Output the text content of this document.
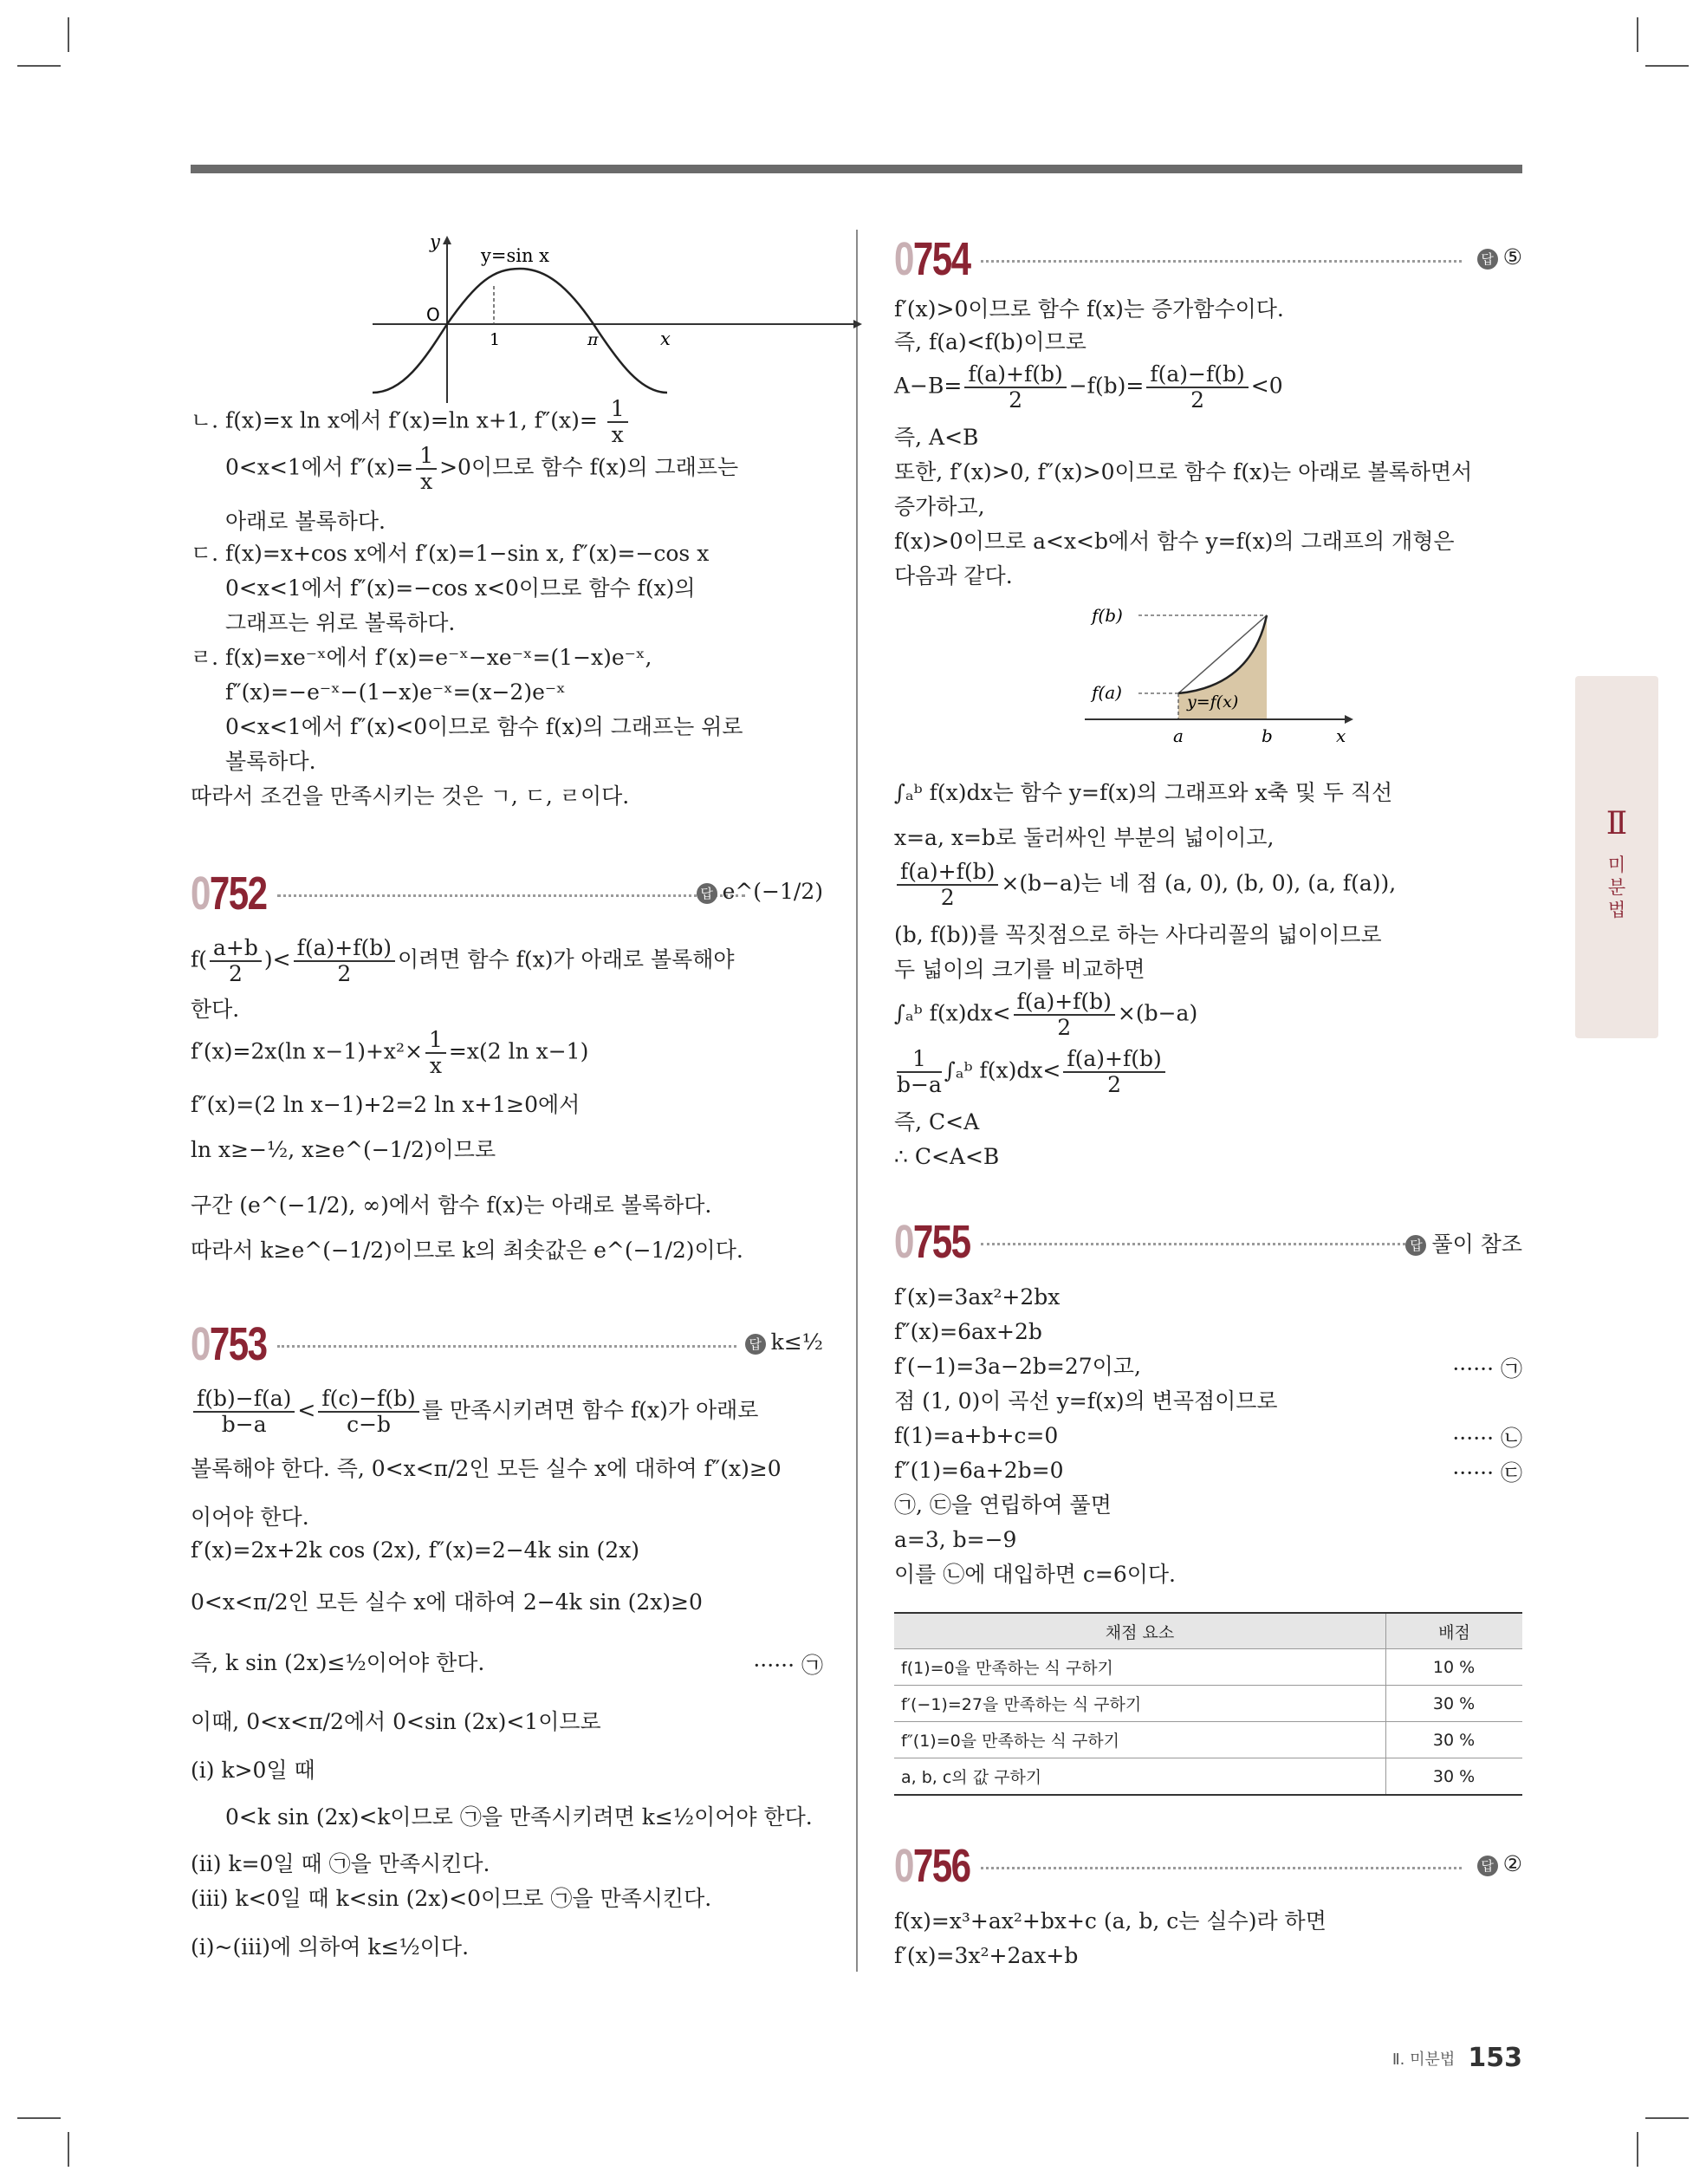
y
y=sin x
O
1	π	x
ㄴ. f(x)=x ln x에서 f′(x)=ln x+1, $f''(x)= \frac{1}{x}$
0<x<1에서 $f''(x)= \frac{1}{x} >0$이므로 함수 f(x)의 그래프는
아래로 볼록하다.
ㄷ. f(x)=x+cos x에서 f′(x)=1−sin x, f″(x)=−cos x
0<x<1에서 f″(x)=−cos x<0이므로 함수 f(x)의
그래프는 위로 볼록하다.
ㄹ. f(x)=xe⁻ˣ에서 f′(x)=e⁻ˣ−xe⁻ˣ=(1−x)e⁻ˣ,
f″(x)=−e⁻ˣ−(1−x)e⁻ˣ=(x−2)e⁻ˣ
0<x<1에서 f″(x)<0이므로 함수 f(x)의 그래프는 위로
볼록하다.
따라서 조건을 만족시키는 것은 ㄱ, ㄷ, ㄹ이다.
0752	답 e^(−1/2)
$f( \frac{a+b}{2}$ )< $\frac{f(a)+f(b)}{2}$ 이려면 함수 f(x)가 아래로 볼록해야
한다.
f′(x)=2x(ln $x-1)+x^2\times \frac{1}{x} =x(2$ ln x−1)
f″(x)=(2 ln x−1)+2=2 ln x+1≥0에서
ln x≥−½, x≥e^(−1/2)이므로
구간 (e^(−1/2), ∞)에서 함수 f(x)는 아래로 볼록하다.
따라서 k≥e^(−1/2)이므로 k의 최솟값은 e^(−1/2)이다.
0753	답 k≤½
$\frac{f(b)-f(a)}{b-a} < \frac{f(c)-f(b)}{c-b}$ 를 만족시키려면 함수 f(x)가 아래로
볼록해야 한다. 즉, 0<x<π/2인 모든 실수 x에 대하여 f″(x)≥0
이어야 한다.
f′(x)=2x+2k cos (2x), f″(x)=2−4k sin (2x)
0<x<π/2인 모든 실수 x에 대하여 2−4k sin (2x)≥0
즉, k sin (2x)≤½이어야 한다.	······ ㉠
이때, 0<x<π/2에서 0<sin (2x)<1이므로
(ⅰ) k>0일 때
0<k sin (2x)<k이므로 ㉠을 만족시키려면 k≤½이어야 한다.
(ⅱ) k=0일 때 ㉠을 만족시킨다.
(ⅲ) k<0일 때 k<sin (2x)<0이므로 ㉠을 만족시킨다.
(ⅰ)~(ⅲ)에 의하여 k≤½이다.
0754	답 ⑤
f′(x)>0이므로 함수 f(x)는 증가함수이다.
즉, f(a)<f(b)이므로
$A-B= \frac{f(a)+f(b)}{2} -f(b)= \frac{f(a)-f(b)}{2} <0$
즉, A<B
또한, f′(x)>0, f″(x)>0이므로 함수 f(x)는 아래로 볼록하면서
증가하고,
f(x)>0이므로 a<x<b에서 함수 y=f(x)의 그래프의 개형은
다음과 같다.
f(b)
f(a)	y=f(x)
a	b	x
∫ₐᵇ f(x)dx는 함수 y=f(x)의 그래프와 x축 및 두 직선
x=a, x=b로 둘러싸인 부분의 넓이이고,
$\frac{f(a)+f(b)}{2} \times(b-a)$는 네 점 (a, 0), (b, 0), (a, f(a)),
(b, f(b))를 꼭짓점으로 하는 사다리꼴의 넓이이므로
두 넓이의 크기를 비교하면
∫ₐᵇ $f(x)dx< \frac{f(a)+f(b)}{2} \times(b-a)$
$\frac{1}{b-a}$ ∫ₐᵇ $f(x)dx< \frac{f(a)+f(b)}{2}$
즉, C<A
∴ C<A<B
0755	답 풀이 참조
f′(x)=3ax²+2bx
f″(x)=6ax+2b
f′(−1)=3a−2b=27이고,	······ ㉠
점 (1, 0)이 곡선 y=f(x)의 변곡점이므로
f(1)=a+b+c=0	······ ㉡
f″(1)=6a+2b=0	······ ㉢
㉠, ㉢을 연립하여 풀면
a=3, b=−9
이를 ㉡에 대입하면 c=6이다.
채점 요소	배점
f(1)=0을 만족하는 식 구하기	10 %
f′(−1)=27을 만족하는 식 구하기	30 %
f″(1)=0을 만족하는 식 구하기	30 %
a, b, c의 값 구하기	30 %
0756	답 ②
f(x)=x³+ax²+bx+c (a, b, c는 실수)라 하면
f′(x)=3x²+2ax+b
Ⅱ
미
분
법
Ⅱ. 미분법 153
